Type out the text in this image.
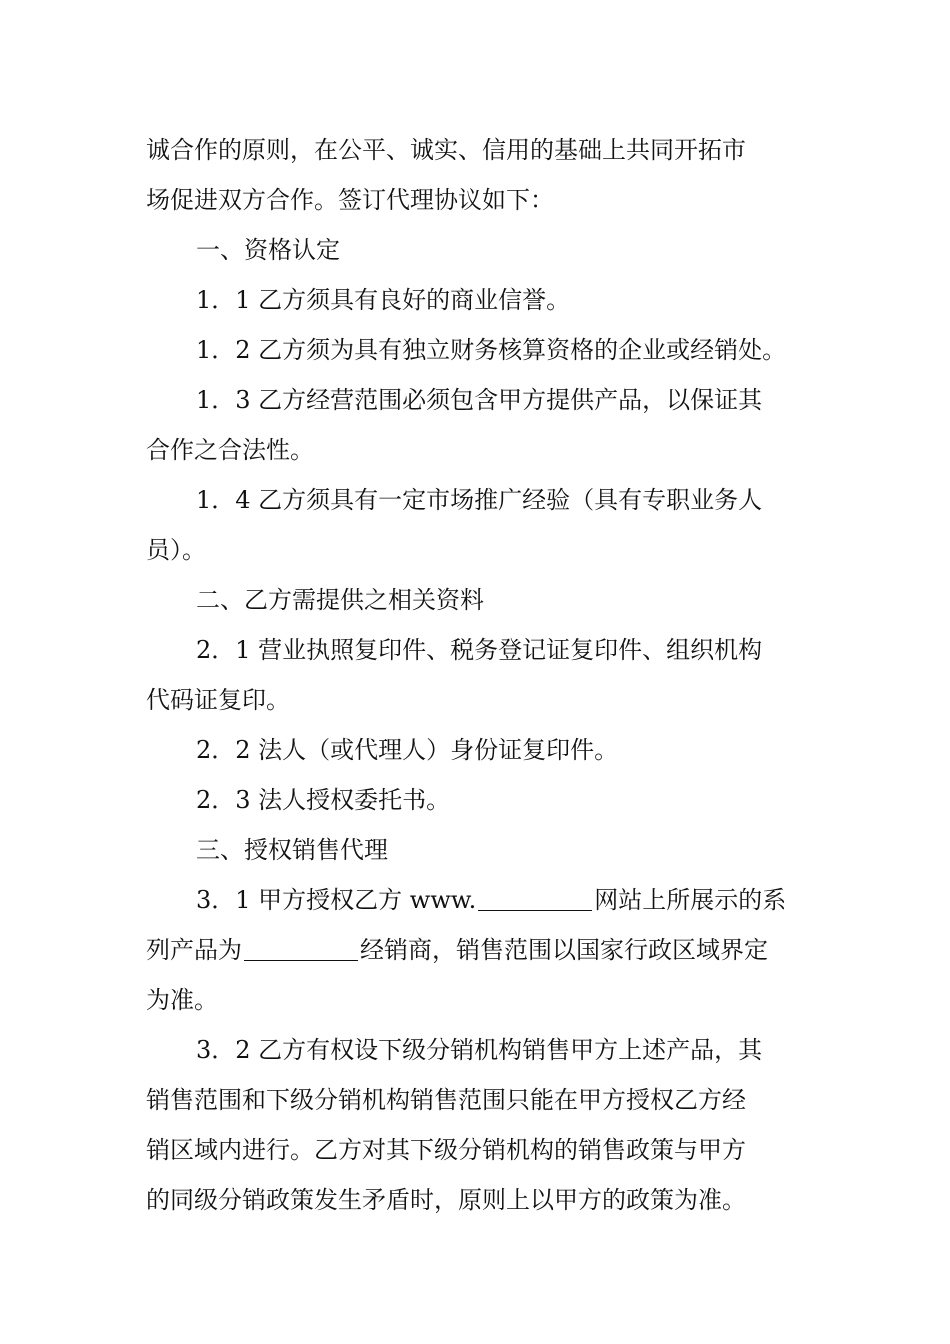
诚合作的原则，在公平、诚实、信用的基础上共同开拓市

场促进双方合作。签订代理协议如下：

一、资格认定

1．1 乙方须具有良好的商业信誉。

1．2 乙方须为具有独立财务核算资格的企业或经销处。

1．3 乙方经营范围必须包含甲方提供产品，以保证其

合作之合法性。

1．4 乙方须具有一定市场推广经验（具有专职业务人

员）。

二、乙方需提供之相关资料

2．1 营业执照复印件、税务登记证复印件、组织机构

代码证复印。

2．2 法人（或代理人）身份证复印件。

2．3 法人授权委托书。

三、授权销售代理

3．1 甲方授权乙方 www.	网站上所展示的系

列产品为	经销商，销售范围以国家行政区域界定

为准。

3．2 乙方有权设下级分销机构销售甲方上述产品，其

销售范围和下级分销机构销售范围只能在甲方授权乙方经

销区域内进行。乙方对其下级分销机构的销售政策与甲方

的同级分销政策发生矛盾时，原则上以甲方的政策为准。
